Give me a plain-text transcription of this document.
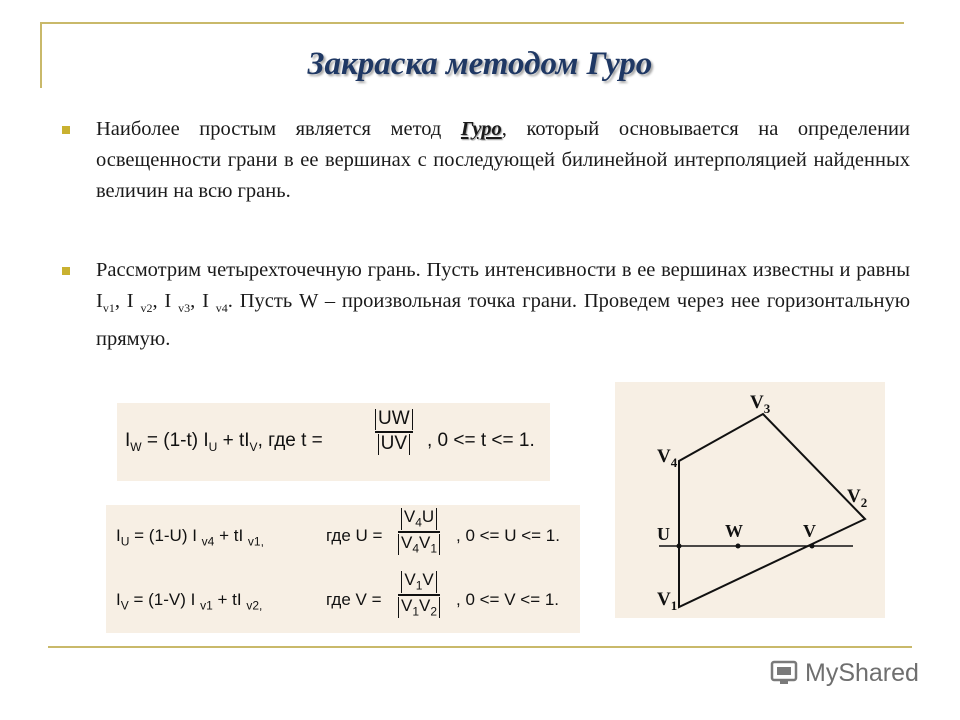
Закраска методом Гуро
Наиболее простым является метод Гуро, который основывается на определении освещенности грани в ее вершинах с последующей билинейной интерполяцией найденных величин на всю грань.
Рассмотрим четырехточечную грань. Пусть интенсивности в ее вершинах известны и равны $I_{v1}$, I $_{v2}$, I $_{v3}$, I $_{v4}$. Пусть W – произвольная точка грани. Проведем через нее горизонтальную прямую.
$I_W = (1-t) I_U + tI_V$, где t =
UW
UV , 0 <= t <= 1.
$I_U = (1-U)$ I $_{v4}$ + tI $_{v1,}$	где U =
$V_4U$
$V_4V_1$
, 0 <= U <= 1.
$I_V = (1-V)$ I $_{v1}$ + tI $_{v2,}$	где V =
$V_1V$
$V_1V_2$
, 0 <= V <= 1.
$V_3$
$V_4$
$V_2$
$V_1$
U	W	V
MyShared
